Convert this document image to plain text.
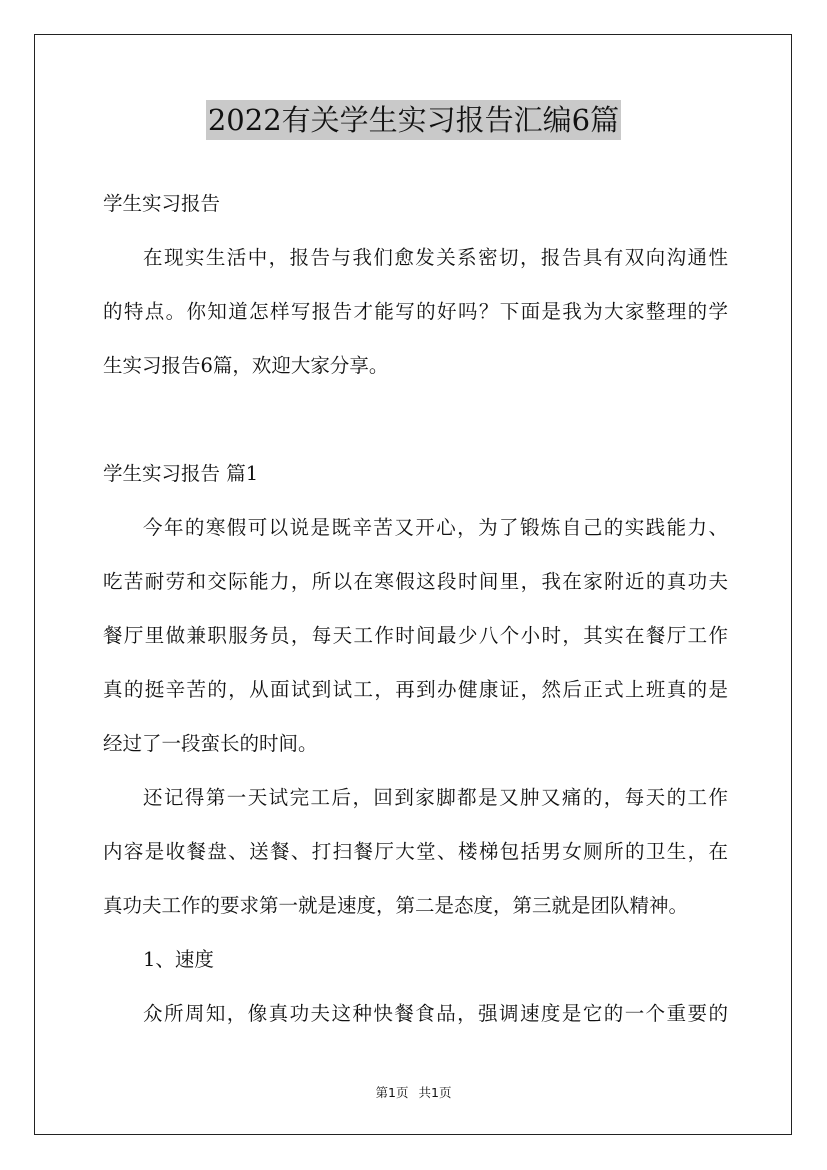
2022有关学生实习报告汇编6篇
学生实习报告
在现实生活中，报告与我们愈发关系密切，报告具有双向沟通性
的特点。你知道怎样写报告才能写的好吗？下面是我为大家整理的学
生实习报告6篇，欢迎大家分享。
学生实习报告 篇1
今年的寒假可以说是既辛苦又开心，为了锻炼自己的实践能力、
吃苦耐劳和交际能力，所以在寒假这段时间里，我在家附近的真功夫
餐厅里做兼职服务员，每天工作时间最少八个小时，其实在餐厅工作
真的挺辛苦的，从面试到试工，再到办健康证，然后正式上班真的是
经过了一段蛮长的时间。
还记得第一天试完工后，回到家脚都是又肿又痛的，每天的工作
内容是收餐盘、送餐、打扫餐厅大堂、楼梯包括男女厕所的卫生，在
真功夫工作的要求第一就是速度，第二是态度，第三就是团队精神。
1、速度
众所周知，像真功夫这种快餐食品，强调速度是它的一个重要的
第1页 共1页
